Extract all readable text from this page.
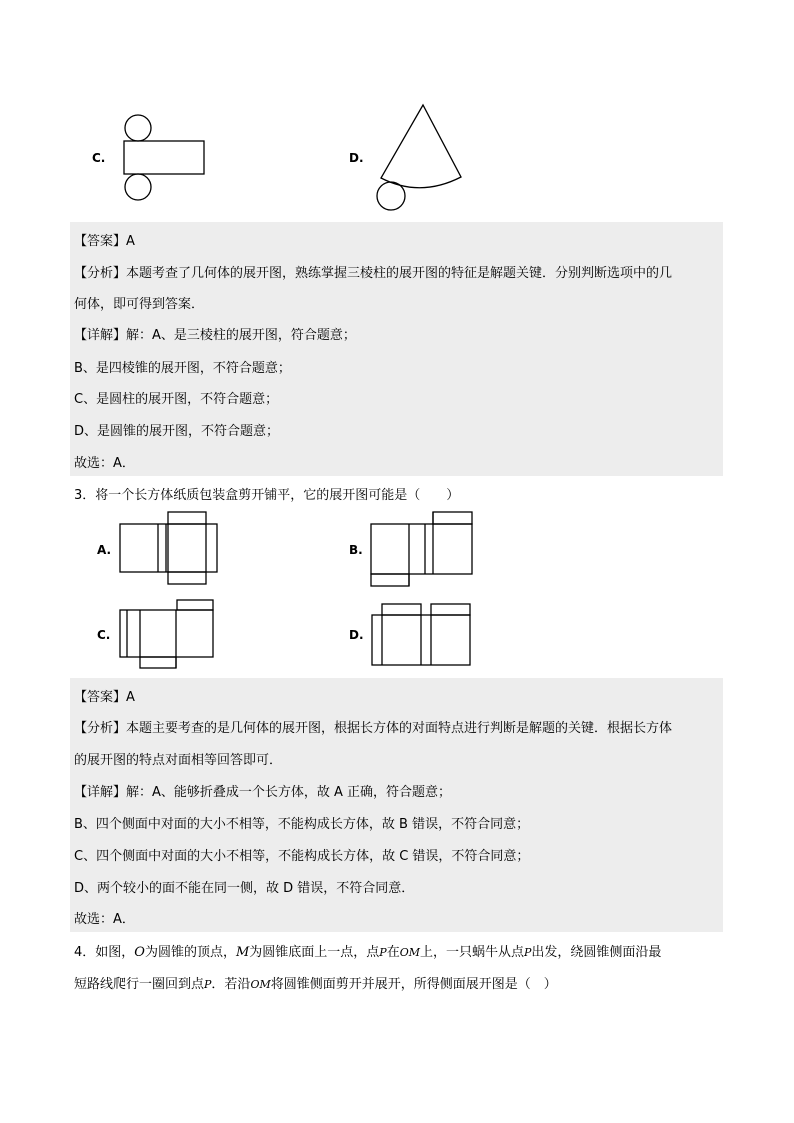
C.	D.
【答案】A
【分析】本题考查了几何体的展开图，熟练掌握三棱柱的展开图的特征是解题关键．分别判断选项中的几
何体，即可得到答案．
【详解】解：A、是三棱柱的展开图，符合题意；
B、是四棱锥的展开图，不符合题意；
C、是圆柱的展开图，不符合题意；
D、是圆锥的展开图，不符合题意；
故选：A．
3．将一个长方体纸质包装盒剪开铺平，它的展开图可能是（　　）
A.	B.
C.	D.
【答案】A
【分析】本题主要考查的是几何体的展开图，根据长方体的对面特点进行判断是解题的关键．根据长方体
的展开图的特点对面相等回答即可．
【详解】解：A、能够折叠成一个长方体，故 A 正确，符合题意；
B、四个侧面中对面的大小不相等，不能构成长方体，故 B 错误，不符合同意；
C、四个侧面中对面的大小不相等，不能构成长方体，故 C 错误，不符合同意；
D、两个较小的面不能在同一侧，故 D 错误，不符合同意．
故选：A．
4．如图，O为圆锥的顶点，M为圆锥底面上一点，点P在OM上，一只蜗牛从点P出发，绕圆锥侧面沿最
短路线爬行一圈回到点P．若沿OM将圆锥侧面剪开并展开，所得侧面展开图是（　）
